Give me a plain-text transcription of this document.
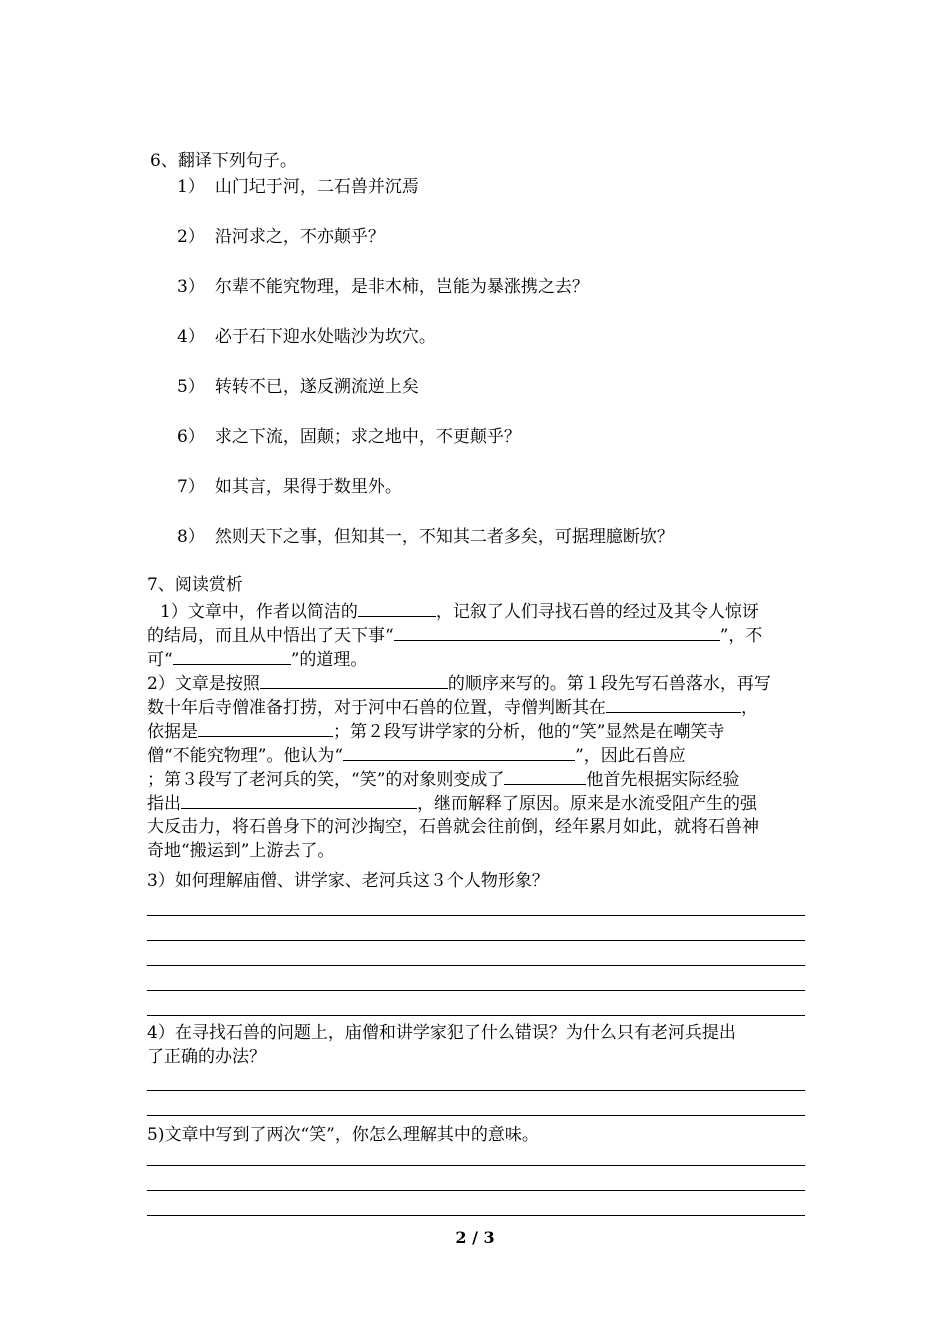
6、翻译下列句子。
1） 山门圮于河，二石兽并沉焉
2） 沿河求之，不亦颠乎？
3） 尔辈不能究物理，是非木柿，岂能为暴涨携之去？
4） 必于石下迎水处啮沙为坎穴。
5） 转转不已，遂反溯流逆上矣
6） 求之下流，固颠；求之地中，不更颠乎？
7） 如其言，果得于数里外。
8） 然则天下之事，但知其一，不知其二者多矣，可据理臆断欤？
7、阅读赏析
1）文章中，作者以简洁的	，记叙了人们寻找石兽的经过及其令人惊讶
的结局，而且从中悟出了天下事“	”，不
可“	”的道理。
2）文章是按照	的顺序来写的。第１段先写石兽落水，再写
数十年后寺僧准备打捞，对于河中石兽的位置，寺僧判断其在	，
依据是	；第２段写讲学家的分析，他的“笑”显然是在嘲笑寺
僧“不能究物理”。他认为“	”，因此石兽应
；第３段写了老河兵的笑，“笑”的对象则变成了	他首先根据实际经验
指出	，继而解释了原因。原来是水流受阻产生的强
大反击力，将石兽身下的河沙掏空，石兽就会往前倒，经年累月如此，就将石兽神
奇地“搬运到”上游去了。
3）如何理解庙僧、讲学家、老河兵这３个人物形象？
4）在寻找石兽的问题上，庙僧和讲学家犯了什么错误？为什么只有老河兵提出
了正确的办法？
5)文章中写到了两次“笑”，你怎么理解其中的意味。
2 / 3
